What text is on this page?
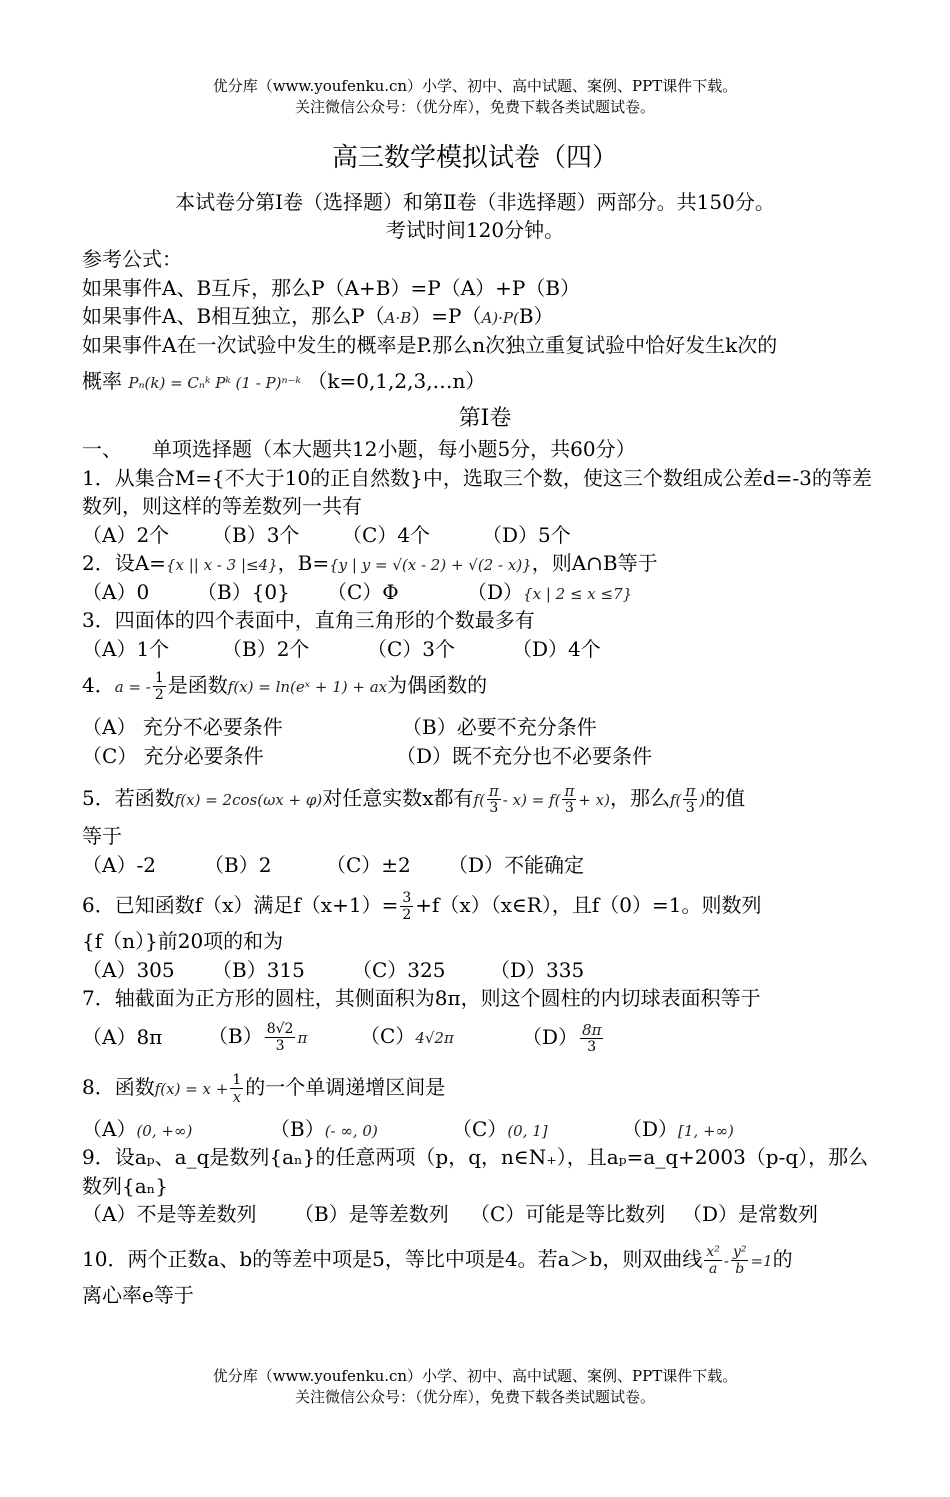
优分库（www.youfenku.cn）小学、初中、高中试题、案例、PPT课件下载。
关注微信公众号：（优分库），免费下载各类试题试卷。
高三数学模拟试卷（四）
本试卷分第Ⅰ卷（选择题）和第Ⅱ卷（非选择题）两部分。共150分。
考试时间120分钟。
参考公式：
如果事件A、B互斥，那么P（A+B）=P（A）+P（B）
如果事件A、B相互独立，那么P（A·B）=P（A)·P(B）
如果事件A在一次试验中发生的概率是P.那么n次独立重复试验中恰好发生k次的
概率 Pₙ(k) = Cₙᵏ Pᵏ (1 - P)ⁿ⁻ᵏ （k=0,1,2,3,…n）
第Ⅰ卷
一、　　单项选择题（本大题共12小题，每小题5分，共60分）
1．从集合M={不大于10的正自然数}中，选取三个数，使这三个数组成公差d=-3的等差数列，则这样的等差数列一共有
（A）2个	（B）3个	（C）4个	（D）5个
2．设A={x || x - 3 |≤4}，B={y | y = √(x - 2) + √(2 - x)}，则A∩B等于
（A）0	（B）{0}	（C）Φ	（D）{x | 2 ≤ x ≤7}
3．四面体的四个表面中，直角三角形的个数最多有
（A）1个	（B）2个	（C）3个	（D）4个
4．a = - $\frac{1}{2}$ 是函数f(x) = ln(eˣ + 1) + ax为偶函数的
（A） 充分不必要条件	（B）必要不充分条件
（C） 充分必要条件	（D）既不充分也不必要条件
5．若函数f(x) = 2cos(ωx + φ)对任意实数x都有$f( \frac{\pi}{3} - x) = f( \frac{\pi}{3} + x)$，那么$f( \frac{\pi}{3}$ )的值
等于
（A）-2	（B）2	（C）±2	（D）不能确定
6．已知函数f（x）满足$f(x+1)= \frac{3}{2}$ +f（x）（x∈R），且f（0）=1。则数列
{f（n）}前20项的和为
（A）305	（B）315	（C）325	（D）335
7．轴截面为正方形的圆柱，其侧面积为8π，则这个圆柱的内切球表面积等于
（A）8π	$(B) \frac{8√2}{3}$ π	（C）4√2π	$(D) \frac{8\pi}{3}$
8．函数$f(x) = x + \frac{1}{x}$ 的一个单调递增区间是
（A）(0, +∞)	（B）(- ∞, 0)	（C）(0, 1]	（D）[1, +∞)
9．设aₚ、a_q是数列{aₙ}的任意两项（p，q，n∈N₊），且aₚ=a_q+2003（p-q），那么数列{aₙ}
（A）不是等差数列	（B）是等差数列	（C）可能是等比数列 （D）是常数列
10．两个正数a、b的等差中项是5，等比中项是4。若a＞b，则双曲线 $\frac{\text{x²}}{a} - \frac{\text{y²}}{b} =1$的
离心率e等于
优分库（www.youfenku.cn）小学、初中、高中试题、案例、PPT课件下载。
关注微信公众号：（优分库），免费下载各类试题试卷。
